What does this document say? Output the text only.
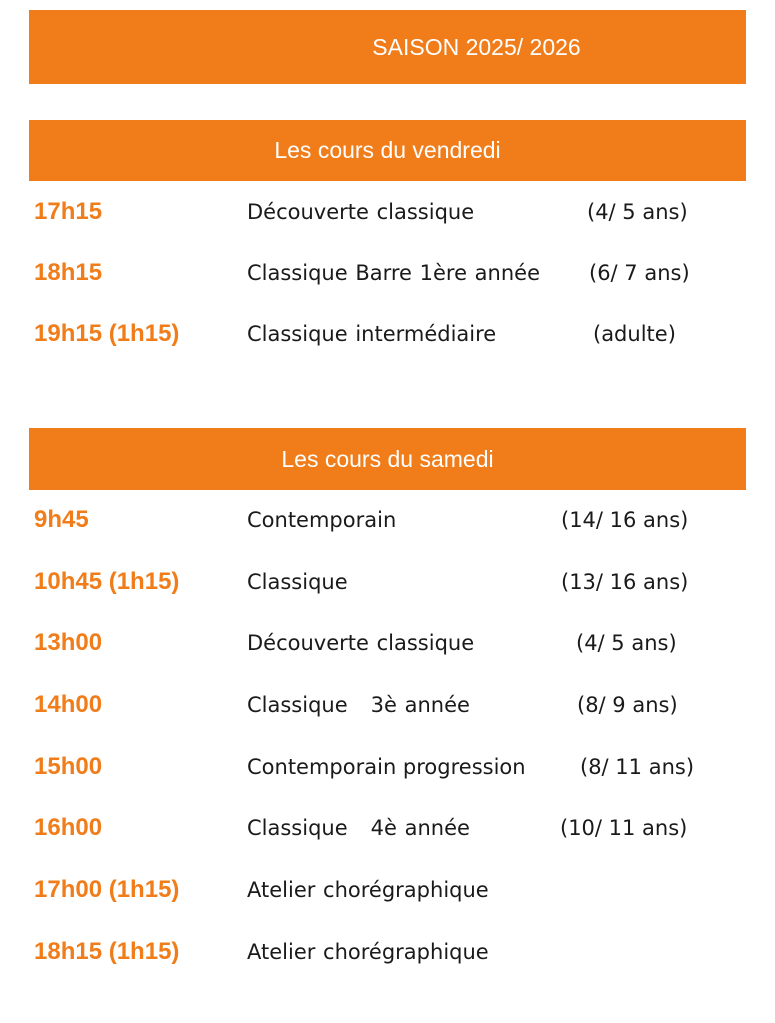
SAISON 2025/ 2026
Les cours du vendredi
17h15	Découverte classique	(4/ 5 ans)
18h15	Classique Barre 1ère année (6/ 7 ans)
19h15 (1h15)	Classique intermédiaire	(adulte)
Les cours du samedi
9h45	Contemporain	(14/ 16 ans)
10h45 (1h15)	Classique	(13/ 16 ans)
13h00	Découverte classique	(4/ 5 ans)
14h00	Classique   3è année	(8/ 9 ans)
15h00	Contemporain progression	(8/ 11 ans)
16h00	Classique   4è année	(10/ 11 ans)
17h00 (1h15)	Atelier chorégraphique
18h15 (1h15)	Atelier chorégraphique
